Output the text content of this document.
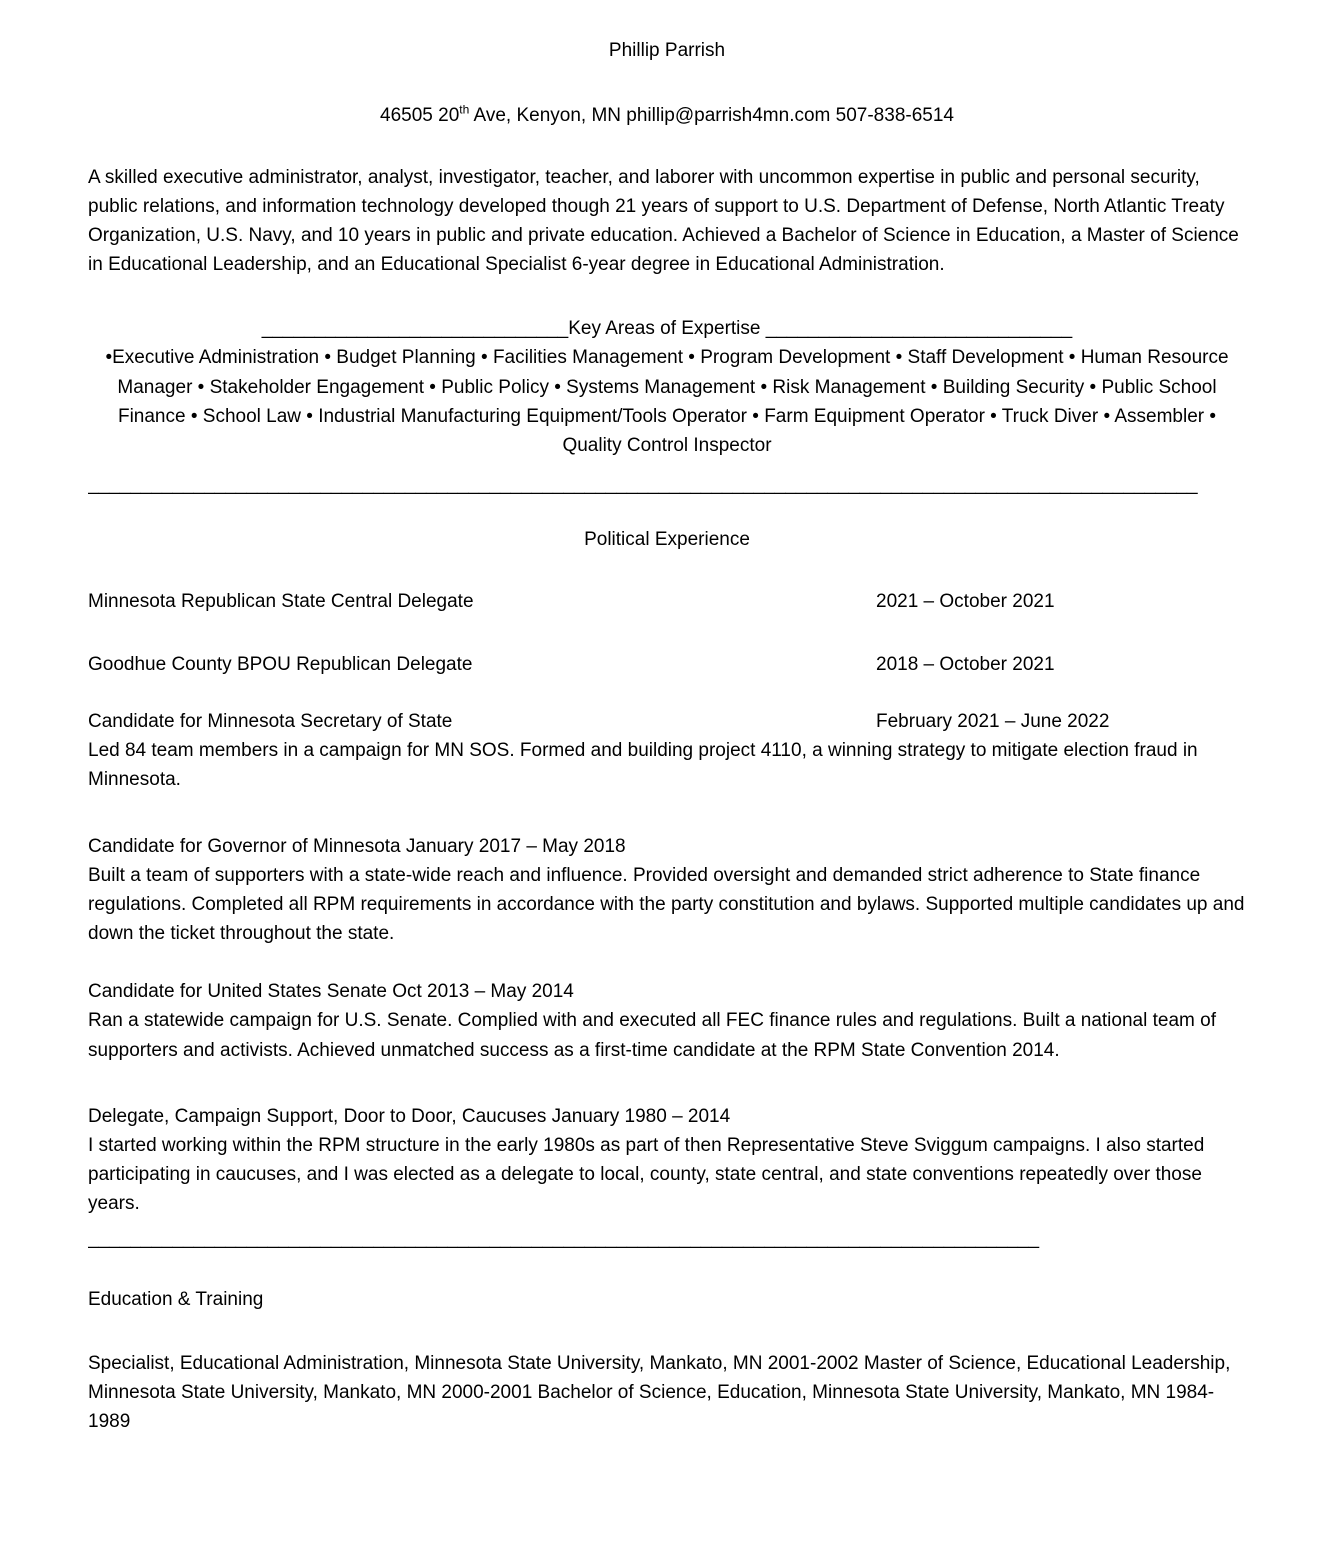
Phillip Parrish

46505 20th Ave, Kenyon, MN phillip@parrish4mn.com 507-838-6514

A skilled executive administrator, analyst, investigator, teacher, and laborer with uncommon expertise in public and personal security, public relations, and information technology developed though 21 years of support to U.S. Department of Defense, North Atlantic Treaty Organization, U.S. Navy, and 10 years in public and private education. Achieved a Bachelor of Science in Education, a Master of Science in Educational Leadership, and an Educational Specialist 6-year degree in Educational Administration.

_____________________________Key Areas of Expertise _____________________________

•Executive Administration • Budget Planning • Facilities Management • Program Development • Staff Development • Human Resource Manager • Stakeholder Engagement • Public Policy • Systems Management • Risk Management • Building Security • Public School Finance • School Law • Industrial Manufacturing Equipment/Tools Operator • Farm Equipment Operator • Truck Diver • Assembler • Quality Control Inspector

_________________________________________________________________________________________________________

Political Experience
Minnesota Republican State Central Delegate	2021 – October 2021
Goodhue County BPOU Republican Delegate	2018 – October 2021
Candidate for Minnesota Secretary of State	February 2021 – June 2022

Led 84 team members in a campaign for MN SOS. Formed and building project 4110, a winning strategy to mitigate election fraud in Minnesota.

Candidate for Governor of Minnesota January 2017 – May 2018

Built a team of supporters with a state-wide reach and influence. Provided oversight and demanded strict adherence to State finance regulations. Completed all RPM requirements in accordance with the party constitution and bylaws. Supported multiple candidates up and down the ticket throughout the state.

Candidate for United States Senate Oct 2013 – May 2014

Ran a statewide campaign for U.S. Senate. Complied with and executed all FEC finance rules and regulations. Built a national team of supporters and activists. Achieved unmatched success as a first-time candidate at the RPM State Convention 2014.

Delegate, Campaign Support, Door to Door, Caucuses January 1980 – 2014

I started working within the RPM structure in the early 1980s as part of then Representative Steve Sviggum campaigns. I also started participating in caucuses, and I was elected as a delegate to local, county, state central, and state conventions repeatedly over those years.

__________________________________________________________________________________________

Education & Training

Specialist, Educational Administration, Minnesota State University, Mankato, MN 2001-2002 Master of Science, Educational Leadership, Minnesota State University, Mankato, MN 2000-2001 Bachelor of Science, Education, Minnesota State University, Mankato, MN 1984-1989
